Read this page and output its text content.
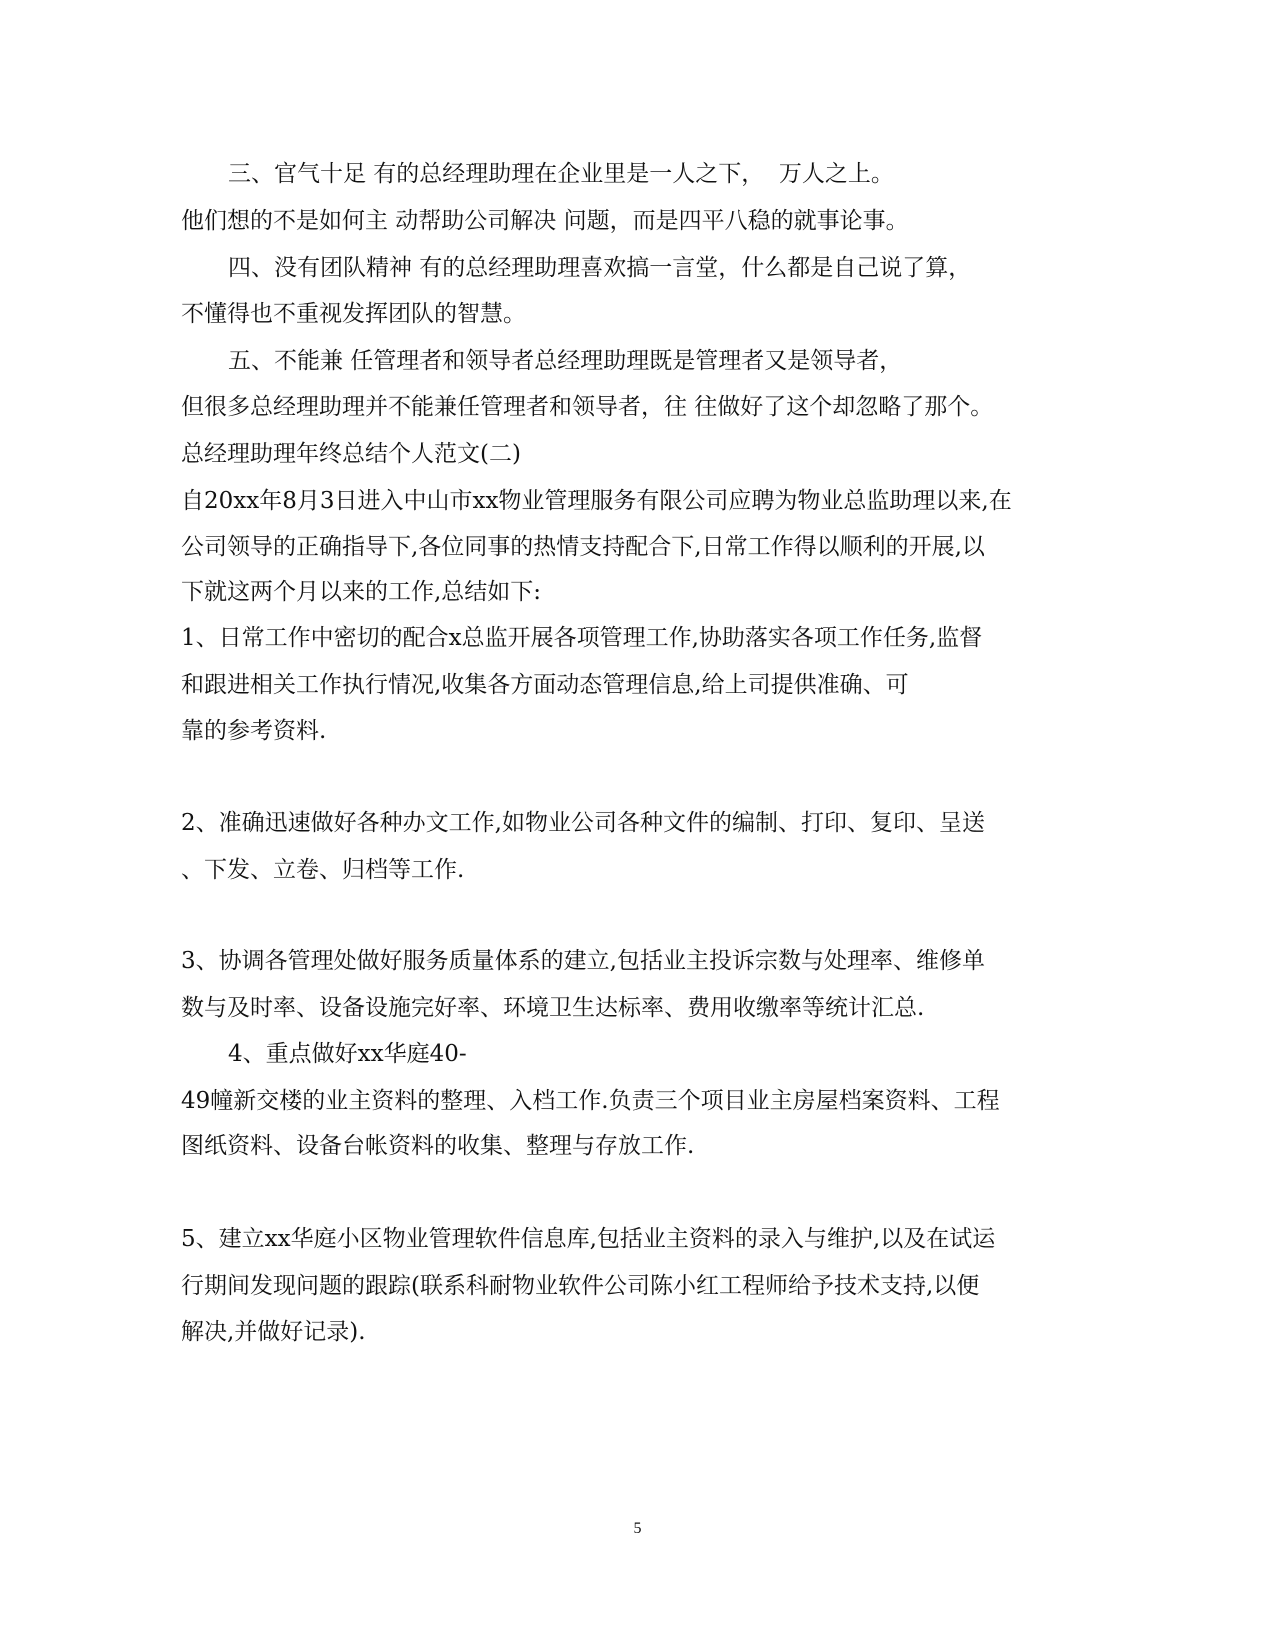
三、官气十足 有的总经理助理在企业里是一人之下，  万人之上。
他们想的不是如何主 动帮助公司解决 问题，而是四平八稳的就事论事。
四、没有团队精神 有的总经理助理喜欢搞一言堂，什么都是自己说了算，
不懂得也不重视发挥团队的智慧。
五、不能兼 任管理者和领导者总经理助理既是管理者又是领导者，
但很多总经理助理并不能兼任管理者和领导者，往 往做好了这个却忽略了那个。
总经理助理年终总结个人范文(二)
自20xx年8月3日进入中山市xx物业管理服务有限公司应聘为物业总监助理以来,在
公司领导的正确指导下,各位同事的热情支持配合下,日常工作得以顺利的开展,以
下就这两个月以来的工作,总结如下:
1、日常工作中密切的配合x总监开展各项管理工作,协助落实各项工作任务,监督
和跟进相关工作执行情况,收集各方面动态管理信息,给上司提供准确、可
靠的参考资料.
2、准确迅速做好各种办文工作,如物业公司各种文件的编制、打印、复印、呈送
、下发、立卷、归档等工作.
3、协调各管理处做好服务质量体系的建立,包括业主投诉宗数与处理率、维修单
数与及时率、设备设施完好率、环境卫生达标率、费用收缴率等统计汇总.
4、重点做好xx华庭40-
49幢新交楼的业主资料的整理、入档工作.负责三个项目业主房屋档案资料、工程
图纸资料、设备台帐资料的收集、整理与存放工作.
5、建立xx华庭小区物业管理软件信息库,包括业主资料的录入与维护,以及在试运
行期间发现问题的跟踪(联系科耐物业软件公司陈小红工程师给予技术支持,以便
解决,并做好记录).
5
